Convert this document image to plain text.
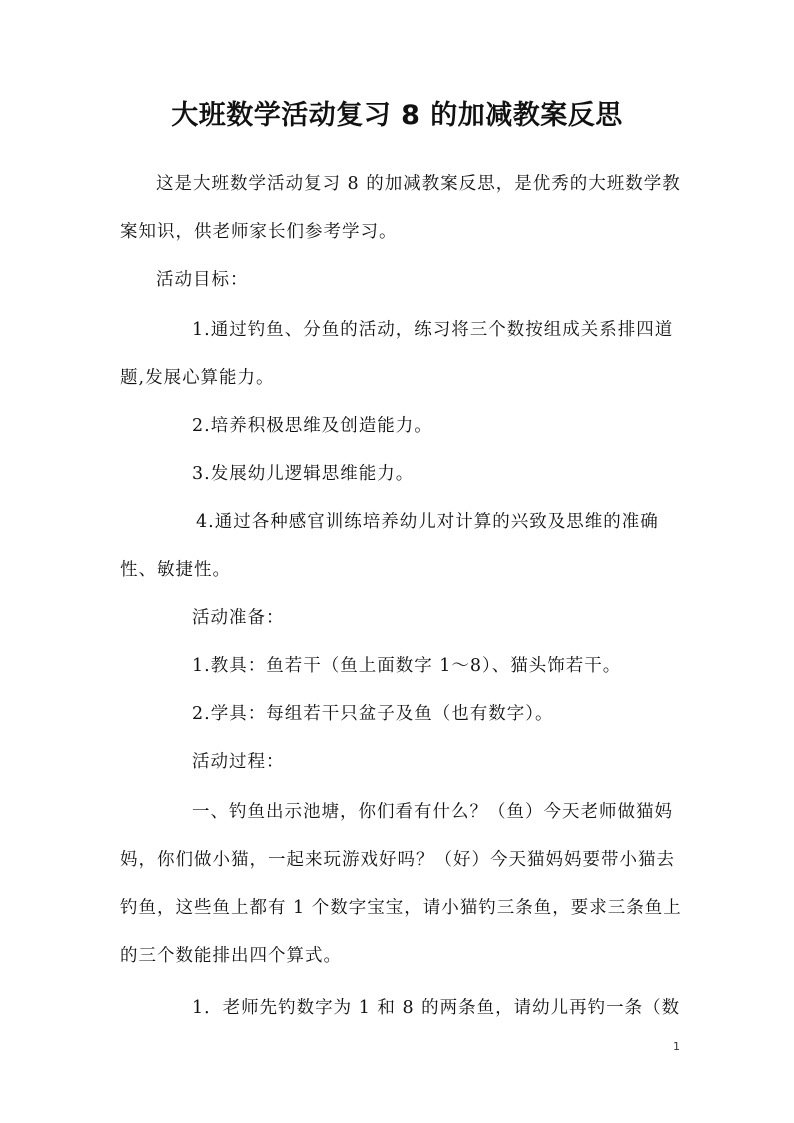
大班数学活动复习 8 的加减教案反思
这是大班数学活动复习 8 的加减教案反思，是优秀的大班数学教
案知识，供老师家长们参考学习。
活动目标：
1.通过钓鱼、分鱼的活动，练习将三个数按组成关系排四道
题,发展心算能力。
2.培养积极思维及创造能力。
3.发展幼儿逻辑思维能力。
4.通过各种感官训练培养幼儿对计算的兴致及思维的准确
性、敏捷性。
活动准备：
1.教具：鱼若干（鱼上面数字 1～8）、猫头饰若干。
2.学具：每组若干只盆子及鱼（也有数字）。
活动过程：
一、钓鱼出示池塘，你们看有什么？（鱼）今天老师做猫妈
妈，你们做小猫，一起来玩游戏好吗？（好）今天猫妈妈要带小猫去
钓鱼，这些鱼上都有 1 个数字宝宝，请小猫钓三条鱼，要求三条鱼上
的三个数能排出四个算式。
1．老师先钓数字为 1 和 8 的两条鱼，请幼儿再钓一条（数
1
